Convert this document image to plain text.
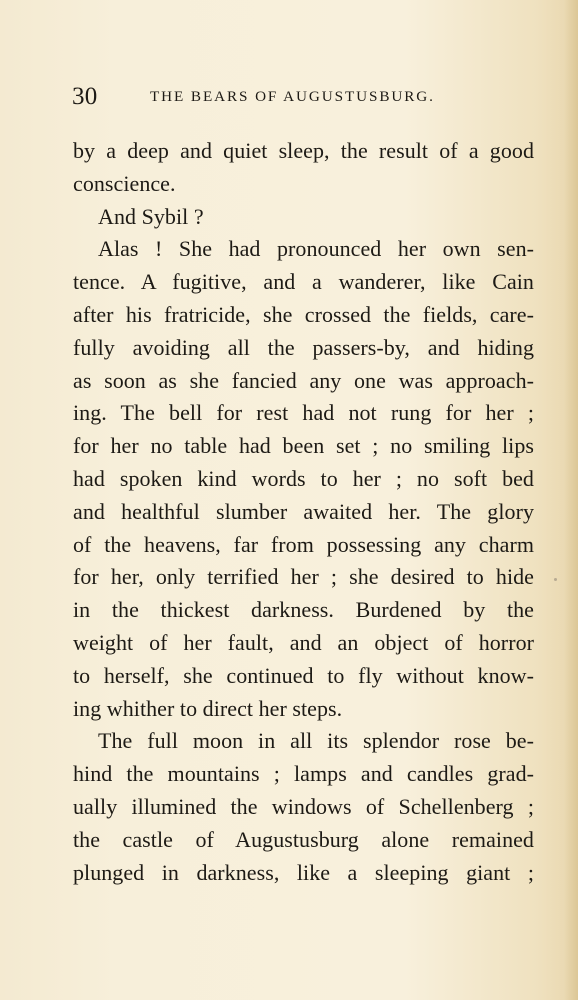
30	THE BEARS OF AUGUSTUSBURG.
by a deep and quiet sleep, the result of a good
conscience.
And Sybil ?
Alas ! She had pronounced her own sen-
tence. A fugitive, and a wanderer, like Cain
after his fratricide, she crossed the fields, care-
fully avoiding all the passers-by, and hiding
as soon as she fancied any one was approach-
ing. The bell for rest had not rung for her ;
for her no table had been set ; no smiling lips
had spoken kind words to her ; no soft bed
and healthful slumber awaited her. The glory
of the heavens, far from possessing any charm
for her, only terrified her ; she desired to hide
in the thickest darkness. Burdened by the
weight of her fault, and an object of horror
to herself, she continued to fly without know-
ing whither to direct her steps.
The full moon in all its splendor rose be-
hind the mountains ; lamps and candles grad-
ually illumined the windows of Schellenberg ;
the castle of Augustusburg alone remained
plunged in darkness, like a sleeping giant ;
